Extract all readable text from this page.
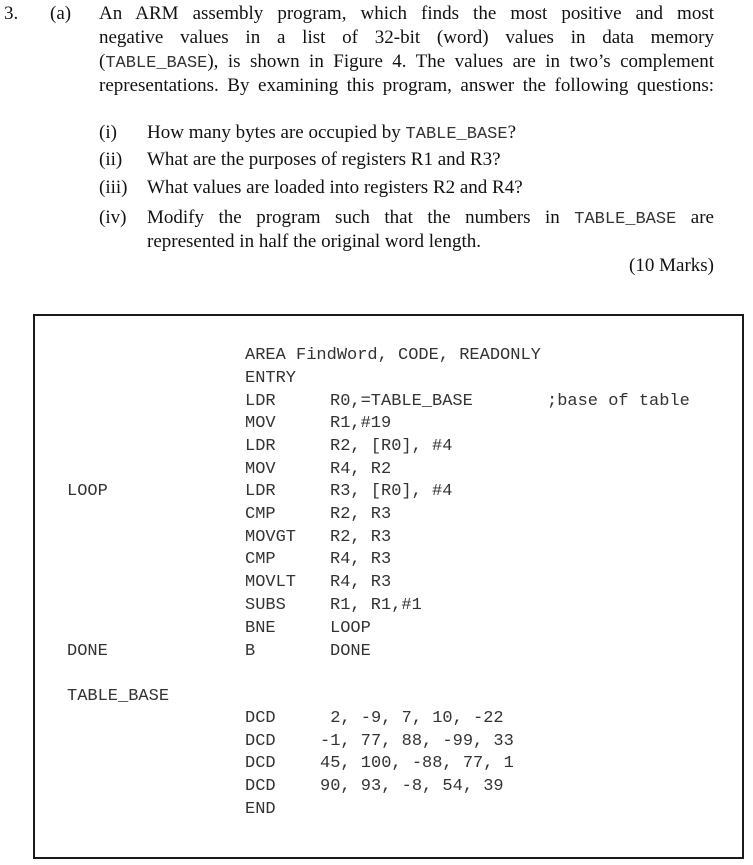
3. (a) An ARM assembly program, which finds the most positive and most
negative values in a list of 32-bit (word) values in data memory
(TABLE_BASE), is shown in Figure 4. The values are in two’s complement
representations. By examining this program, answer the following questions:
(i) How many bytes are occupied by TABLE_BASE?
(ii) What are the purposes of registers R1 and R3?
(iii) What values are loaded into registers R2 and R4?
(iv) Modify the program such that the numbers in TABLE_BASE are
represented in half the original word length.
(10 Marks)
AREA FindWord, CODE, READONLY
ENTRY
LDR	R0,=TABLE_BASE	;base of table
MOV	R1,#19
LDR	R2, [R0], #4
MOV	R4, R2
LOOP	LDR	R3, [R0], #4
CMP	R2, R3
MOVGT R2, R3
CMP	R4, R3
MOVLT R4, R3
SUBS	R1, R1,#1
BNE	LOOP
DONE	B	DONE
TABLE_BASE
DCD	2, -9, 7, 10, -22
DCD	-1, 77, 88, -99, 33
DCD	45, 100, -88, 77, 1
DCD	90, 93, -8, 54, 39
END
